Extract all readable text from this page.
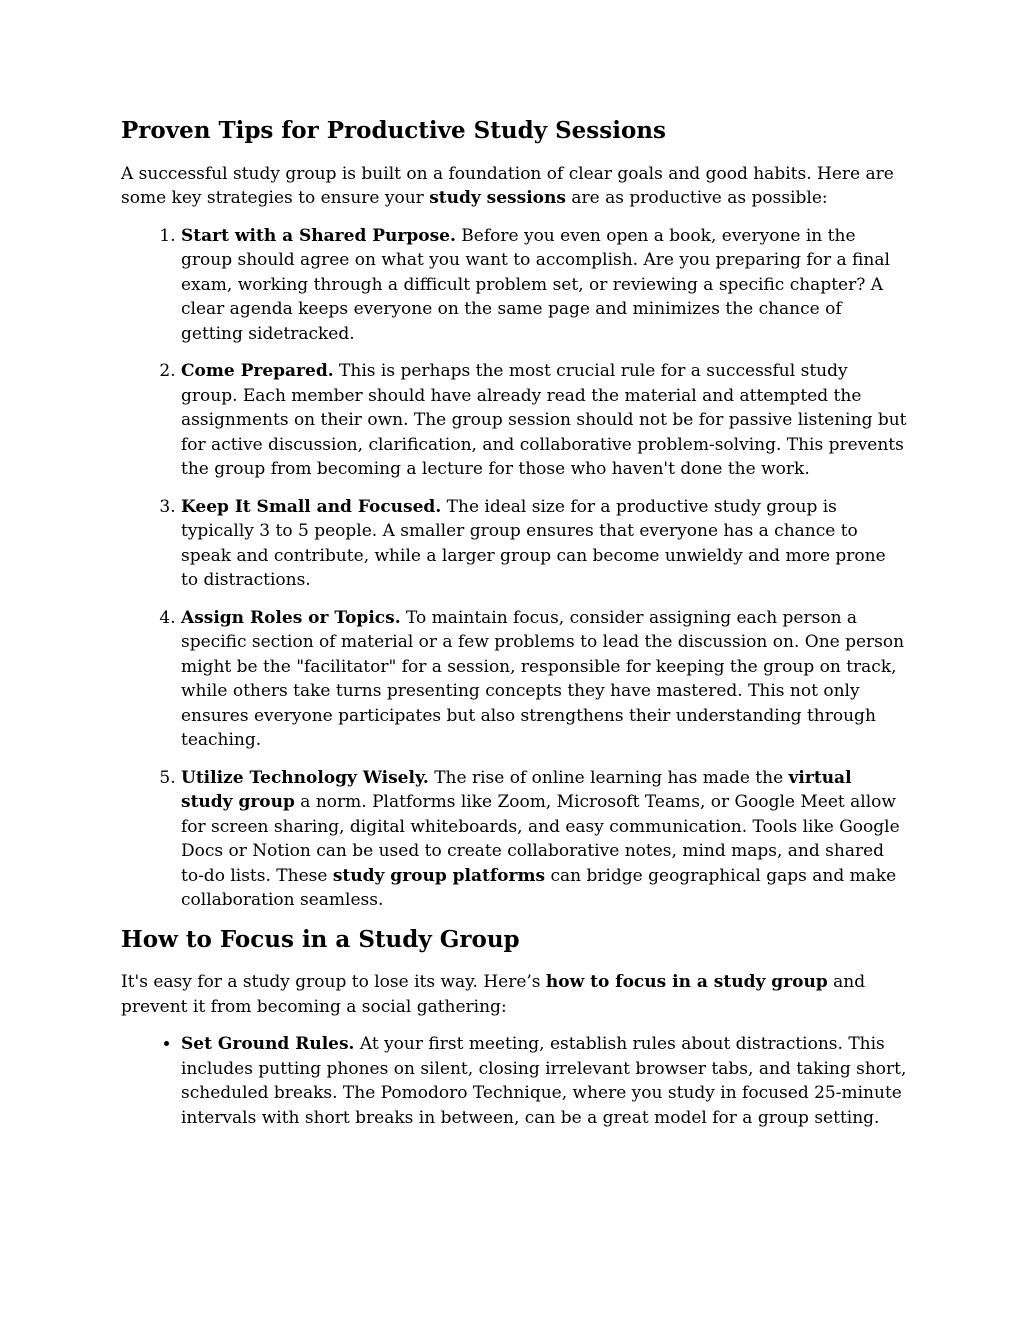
Proven Tips for Productive Study Sessions

A successful study group is built on a foundation of clear goals and good habits. Here are some key strategies to ensure your study sessions are as productive as possible:

1. Start with a Shared Purpose. Before you even open a book, everyone in the group should agree on what you want to accomplish. Are you preparing for a final exam, working through a difficult problem set, or reviewing a specific chapter? A clear agenda keeps everyone on the same page and minimizes the chance of getting sidetracked.
2. Come Prepared. This is perhaps the most crucial rule for a successful study group. Each member should have already read the material and attempted the assignments on their own. The group session should not be for passive listening but for active discussion, clarification, and collaborative problem-solving. This prevents the group from becoming a lecture for those who haven't done the work.
3. Keep It Small and Focused. The ideal size for a productive study group is typically 3 to 5 people. A smaller group ensures that everyone has a chance to speak and contribute, while a larger group can become unwieldy and more prone to distractions.
4. Assign Roles or Topics. To maintain focus, consider assigning each person a specific section of material or a few problems to lead the discussion on. One person might be the "facilitator" for a session, responsible for keeping the group on track, while others take turns presenting concepts they have mastered. This not only ensures everyone participates but also strengthens their understanding through teaching.
5. Utilize Technology Wisely. The rise of online learning has made the virtual study group a norm. Platforms like Zoom, Microsoft Teams, or Google Meet allow for screen sharing, digital whiteboards, and easy communication. Tools like Google Docs or Notion can be used to create collaborative notes, mind maps, and shared to-do lists. These study group platforms can bridge geographical gaps and make collaboration seamless.
How to Focus in a Study Group

It's easy for a study group to lose its way. Here’s how to focus in a study group and prevent it from becoming a social gathering:

• Set Ground Rules. At your first meeting, establish rules about distractions. This includes putting phones on silent, closing irrelevant browser tabs, and taking short, scheduled breaks. The Pomodoro Technique, where you study in focused 25-minute intervals with short breaks in between, can be a great model for a group setting.
